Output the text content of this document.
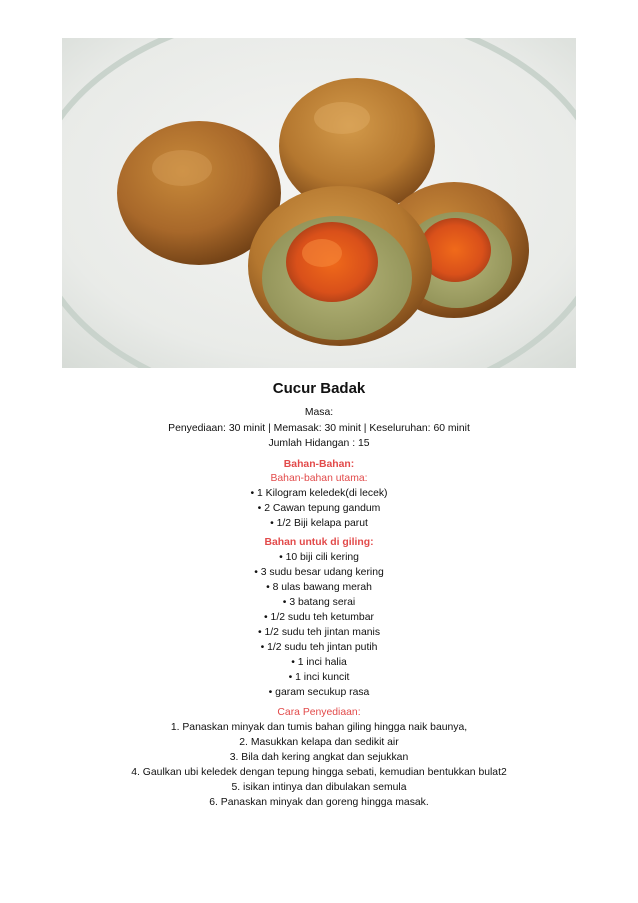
Cucur Badak
Masa:
Penyediaan: 30 minit | Memasak: 30 minit | Keseluruhan: 60 minit
Jumlah Hidangan : 15
Bahan-Bahan:
Bahan-bahan utama:
• 1 Kilogram keledek(di lecek)
• 2 Cawan tepung gandum
• 1/2 Biji kelapa parut
Bahan untuk di giling:
• 10 biji cili kering
• 3 sudu besar udang kering
• 8 ulas bawang merah
• 3 batang serai
• 1/2 sudu teh ketumbar
• 1/2 sudu teh jintan manis
• 1/2 sudu teh jintan putih
• 1 inci halia
• 1 inci kuncit
• garam secukup rasa
Cara Penyediaan:
1. Panaskan minyak dan tumis bahan giling hingga naik baunya,
2. Masukkan kelapa dan sedikit air
3. Bila dah kering angkat dan sejukkan
4. Gaulkan ubi keledek dengan tepung hingga sebati, kemudian bentukkan bulat2
5. isikan intinya dan dibulakan semula
6. Panaskan minyak dan goreng hingga masak.
